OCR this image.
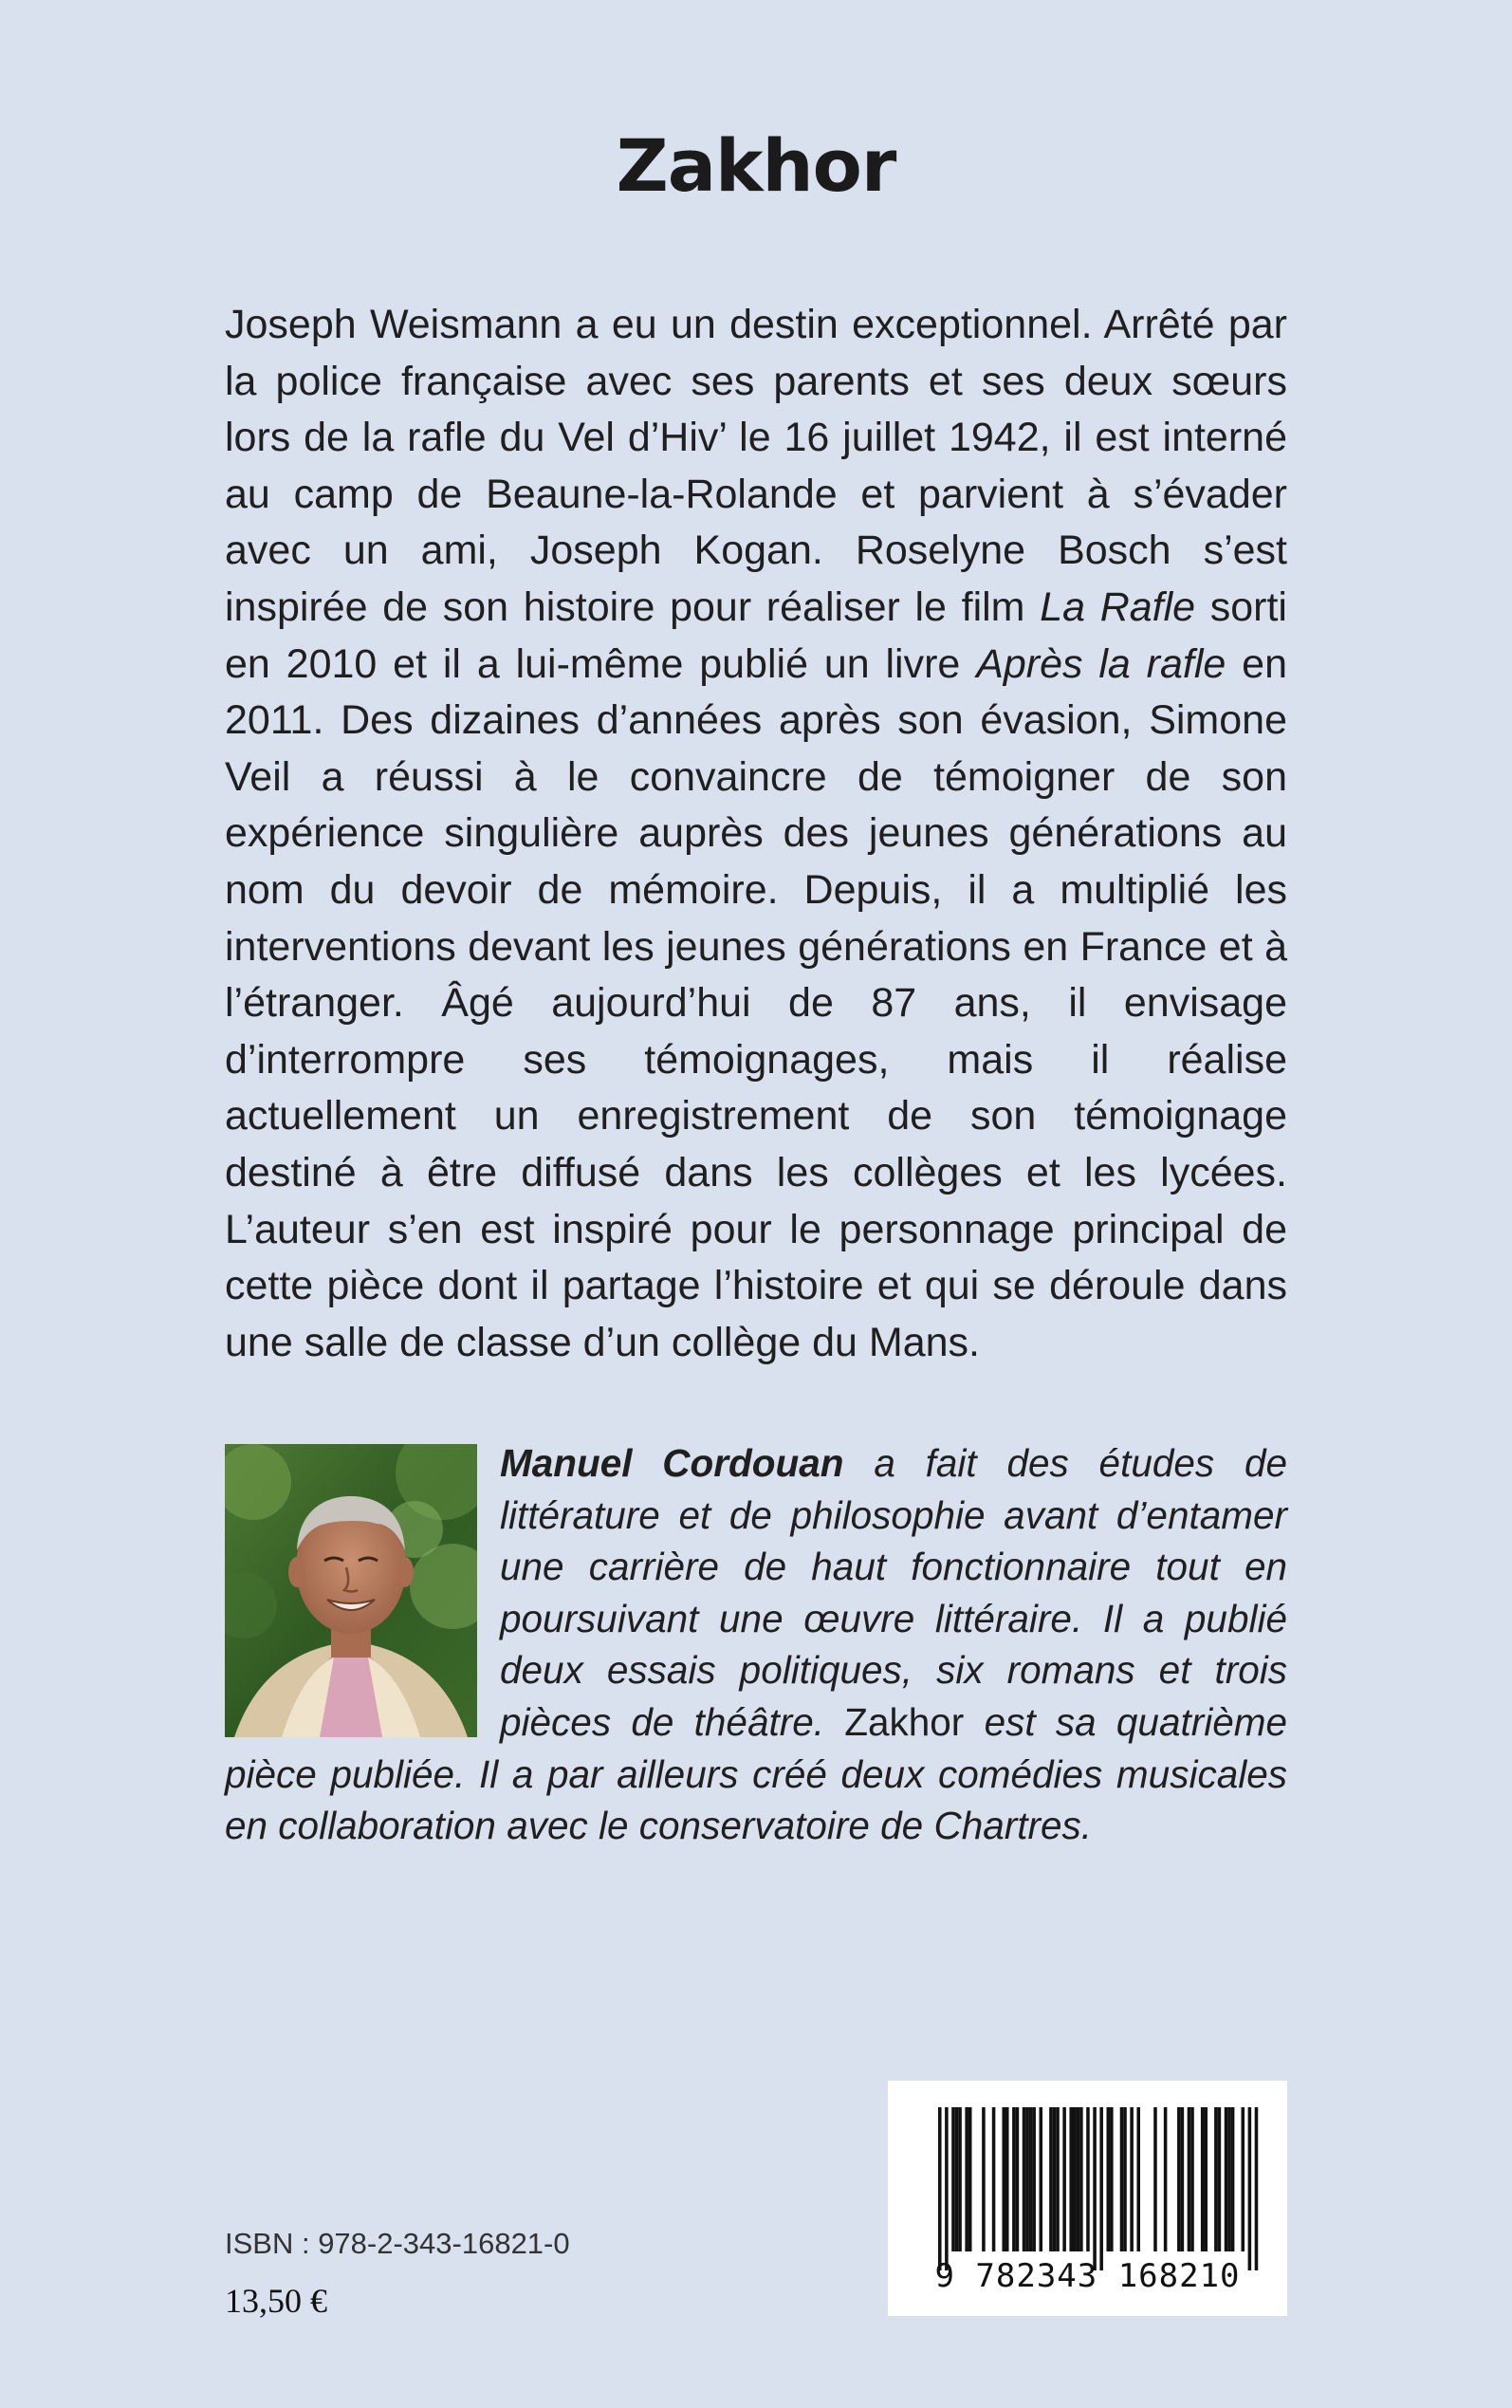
Zakhor

Joseph Weismann a eu un destin exceptionnel. Arrêté par la police française avec ses parents et ses deux sœurs lors de la rafle du Vel d’Hiv’ le 16 juillet 1942, il est interné au camp de Beaune-la-Rolande et parvient à s’évader avec un ami, Joseph Kogan. Roselyne Bosch s’est inspirée de son histoire pour réaliser le film La Rafle sorti en 2010 et il a lui-même publié un livre Après la rafle en 2011. Des dizaines d’années après son évasion, Simone Veil a réussi à le convaincre de témoigner de son expérience singulière auprès des jeunes générations au nom du devoir de mémoire. Depuis, il a multiplié les interventions devant les jeunes générations en France et à l’étranger. Âgé aujourd’hui de 87 ans, il envisage d’interrompre ses témoignages, mais il réalise actuellement un enregistrement de son témoignage destiné à être diffusé dans les collèges et les lycées. L’auteur s’en est inspiré pour le personnage principal de cette pièce dont il partage l’histoire et qui se déroule dans une salle de classe d’un collège du Mans.

Manuel Cordouan a fait des études de littérature et de philosophie avant d’entamer une carrière de haut fonctionnaire tout en poursuivant une œuvre littéraire. Il a publié deux essais politiques, six romans et trois pièces de théâtre. Zakhor est sa quatrième pièce publiée. Il a par ailleurs créé deux comédies musicales en collaboration avec le conservatoire de Chartres.

9 782343 168210
ISBN : 978-2-343-16821-0
13,50 €
